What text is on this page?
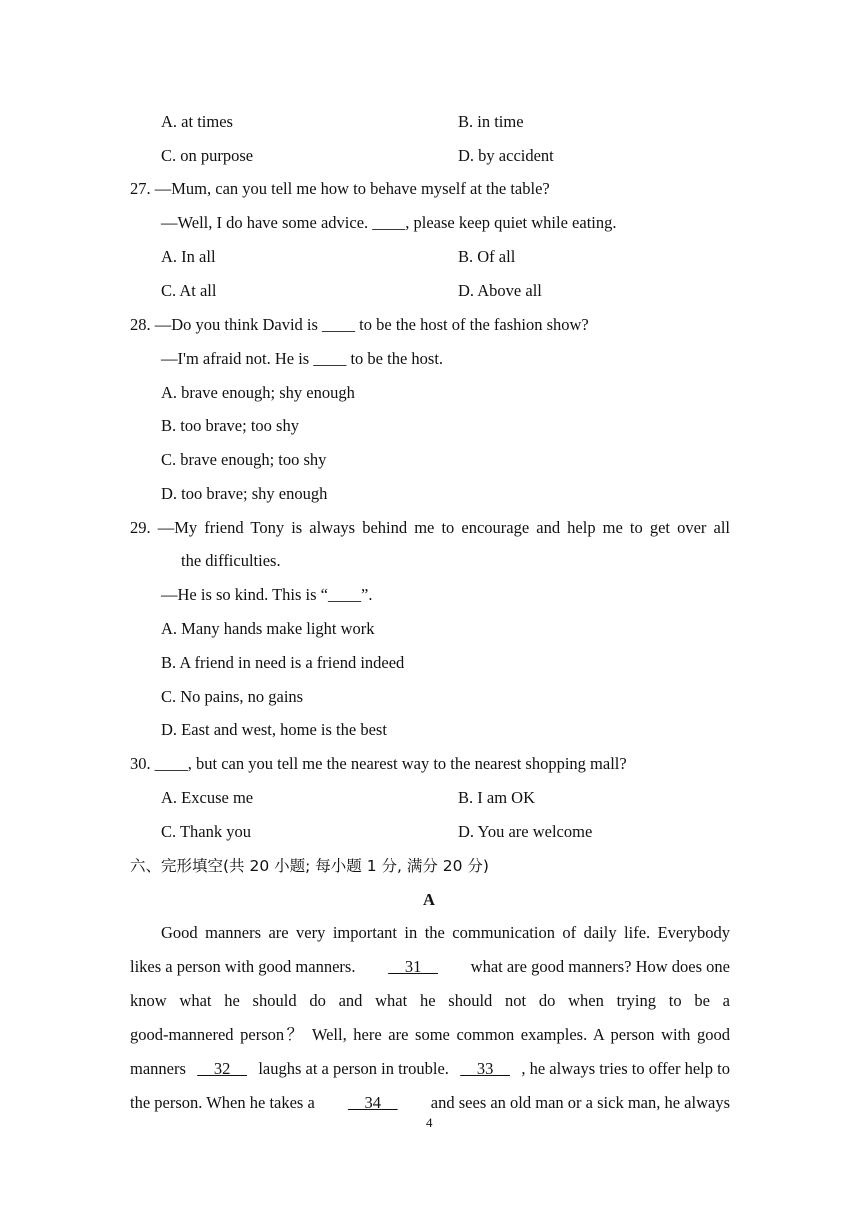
A. at times	B. in time
C. on purpose	D. by accident
27. —Mum, can you tell me how to behave myself at the table?
—Well, I do have some advice. ____, please keep quiet while eating.
A. In all	B. Of all
C. At all	D. Above all
28. —Do you think David is ____ to be the host of the fashion show?
—I'm afraid not. He is ____ to be the host.
A. brave enough; shy enough
B. too brave; too shy
C. brave enough; too shy
D. too brave; shy enough
29. —My friend Tony is always behind me to encourage and help me to get over all
the difficulties.
—He is so kind. This is “____”.
A. Many hands make light work
B. A friend in need is a friend indeed
C. No pains, no gains
D. East and west, home is the best
30. ____, but can you tell me the nearest way to the nearest shopping mall?
A. Excuse me	B. I am OK
C. Thank you	D. You are welcome
六、完形填空(共 20 小题; 每小题 1 分, 满分 20 分)
A
Good manners are very important in the communication of daily life. Everybody
likes a person with good manners. __31__ what are good manners? How does one
know what he should do and what he should not do when trying to be a
good-mannered person？ Well, here are some common examples. A person with good
manners __32__ laughs at a person in trouble. __33__ , he always tries to offer help to
the person. When he takes a __34__ and sees an old man or a sick man, he always
4
